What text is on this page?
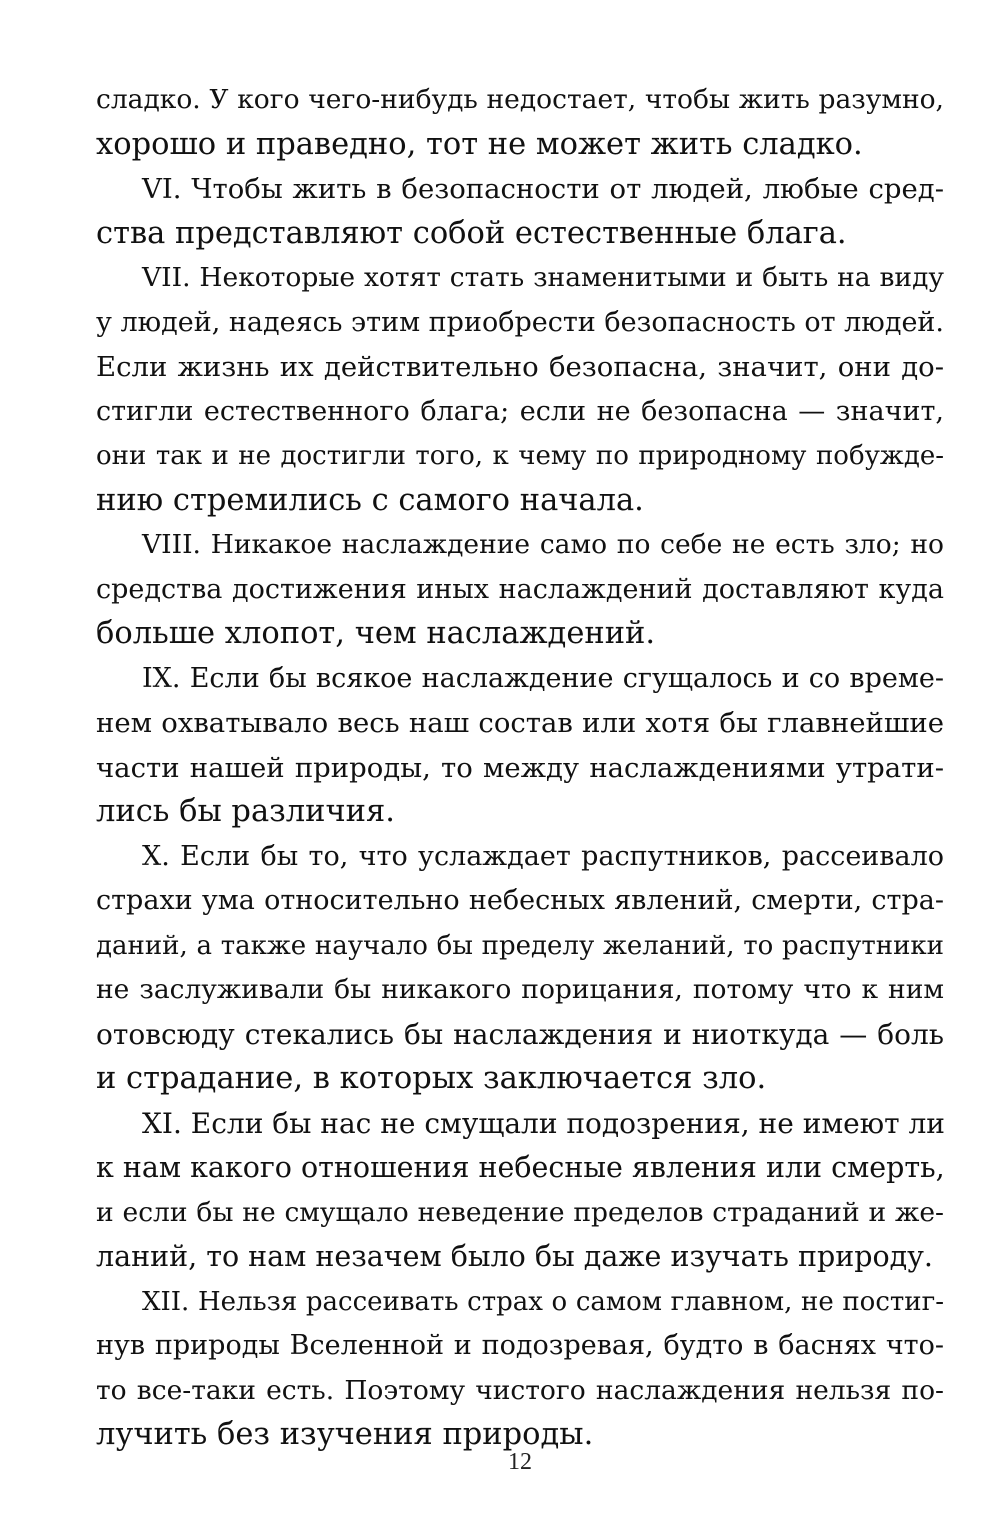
сладко. У кого чего-нибудь недостает, чтобы жить разумно,
хорошо и праведно, тот не может жить сладко.
VI. Чтобы жить в безопасности от людей, любые сред-
ства представляют собой естественные блага.
VII. Некоторые хотят стать знаменитыми и быть на виду
у людей, надеясь этим приобрести безопасность от людей.
Если жизнь их действительно безопасна, значит, они до-
стигли естественного блага; если не безопасна — значит,
они так и не достигли того, к чему по природному побужде-
нию стремились с самого начала.
VIII. Никакое наслаждение само по себе не есть зло; но
средства достижения иных наслаждений доставляют куда
больше хлопот, чем наслаждений.
IX. Если бы всякое наслаждение сгущалось и со време-
нем охватывало весь наш состав или хотя бы главнейшие
части нашей природы, то между наслаждениями утрати-
лись бы различия.
X. Если бы то, что услаждает распутников, рассеивало
страхи ума относительно небесных явлений, смерти, стра-
даний, а также научало бы пределу желаний, то распутники
не заслуживали бы никакого порицания, потому что к ним
отовсюду стекались бы наслаждения и ниоткуда — боль
и страдание, в которых заключается зло.
XI. Если бы нас не смущали подозрения, не имеют ли
к нам какого отношения небесные явления или смерть,
и если бы не смущало неведение пределов страданий и же-
ланий, то нам незачем было бы даже изучать природу.
XII. Нельзя рассеивать страх о самом главном, не постиг-
нув природы Вселенной и подозревая, будто в баснях что-
то все-таки есть. Поэтому чистого наслаждения нельзя по-
лучить без изучения природы.
12
